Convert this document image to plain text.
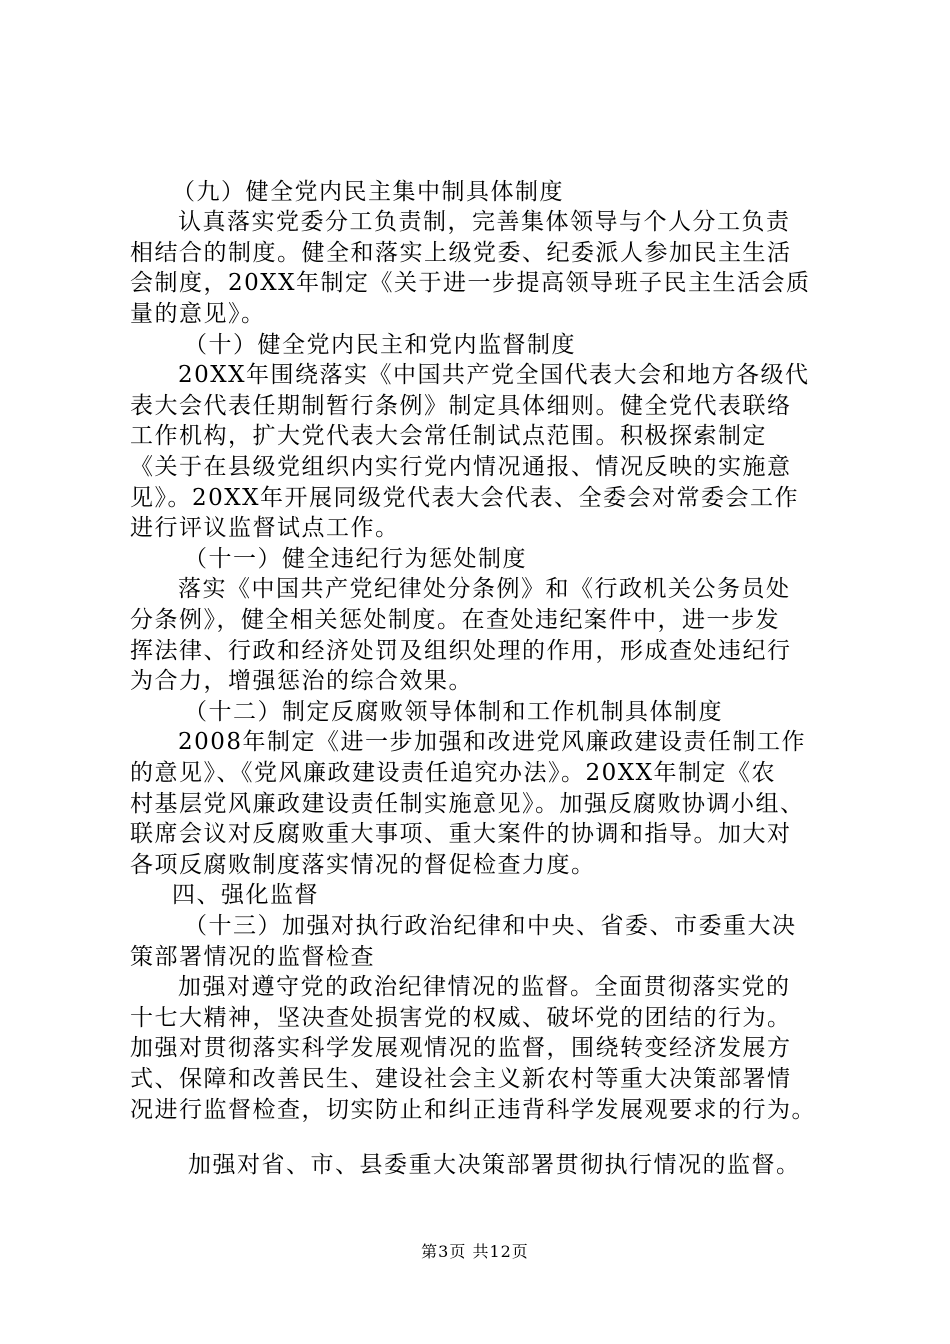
（九）健全党内民主集中制具体制度
认真落实党委分工负责制，完善集体领导与个人分工负责
相结合的制度。健全和落实上级党委、纪委派人参加民主生活
会制度，20XX年制定《关于进一步提高领导班子民主生活会质
量的意见》。
（十）健全党内民主和党内监督制度
20XX年围绕落实《中国共产党全国代表大会和地方各级代
表大会代表任期制暂行条例》制定具体细则。健全党代表联络
工作机构，扩大党代表大会常任制试点范围。积极探索制定
《关于在县级党组织内实行党内情况通报、情况反映的实施意
见》。20XX年开展同级党代表大会代表、全委会对常委会工作
进行评议监督试点工作。
（十一）健全违纪行为惩处制度
落实《中国共产党纪律处分条例》和《行政机关公务员处
分条例》，健全相关惩处制度。在查处违纪案件中，进一步发
挥法律、行政和经济处罚及组织处理的作用，形成查处违纪行
为合力，增强惩治的综合效果。
（十二）制定反腐败领导体制和工作机制具体制度
2008年制定《进一步加强和改进党风廉政建设责任制工作
的意见》、《党风廉政建设责任追究办法》。20XX年制定《农
村基层党风廉政建设责任制实施意见》。加强反腐败协调小组、
联席会议对反腐败重大事项、重大案件的协调和指导。加大对
各项反腐败制度落实情况的督促检查力度。
四、强化监督
（十三）加强对执行政治纪律和中央、省委、市委重大决
策部署情况的监督检查
加强对遵守党的政治纪律情况的监督。全面贯彻落实党的
十七大精神，坚决查处损害党的权威、破坏党的团结的行为。
加强对贯彻落实科学发展观情况的监督，围绕转变经济发展方
式、保障和改善民生、建设社会主义新农村等重大决策部署情
况进行监督检查，切实防止和纠正违背科学发展观要求的行为。
加强对省、市、县委重大决策部署贯彻执行情况的监督。
第3页 共12页
